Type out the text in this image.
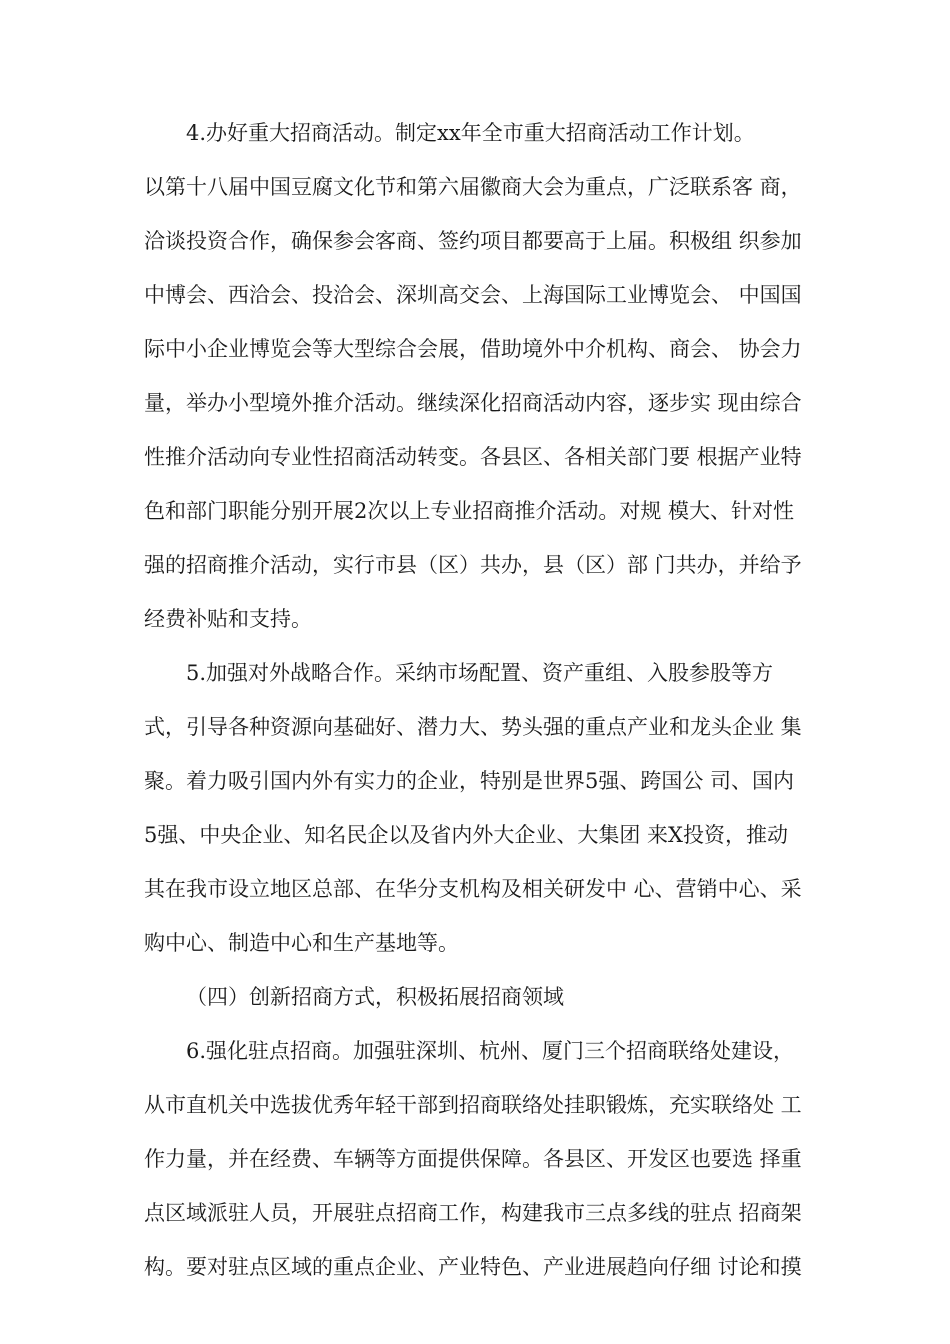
4.办好重大招商活动。制定xx年全市重大招商活动工作计划。
以第十八届中国豆腐文化节和第六届徽商大会为重点，广泛联系客 商，
洽谈投资合作，确保参会客商、签约项目都要高于上届。积极组 织参加
中博会、西洽会、投洽会、深圳高交会、上海国际工业博览会、 中国国
际中小企业博览会等大型综合会展，借助境外中介机构、商会、 协会力
量，举办小型境外推介活动。继续深化招商活动内容，逐步实 现由综合
性推介活动向专业性招商活动转变。各县区、各相关部门要 根据产业特
色和部门职能分别开展2次以上专业招商推介活动。对规 模大、针对性
强的招商推介活动，实行市县（区）共办，县（区）部 门共办，并给予
经费补贴和支持。
5.加强对外战略合作。采纳市场配置、资产重组、入股参股等方
式，引导各种资源向基础好、潜力大、势头强的重点产业和龙头企业 集
聚。着力吸引国内外有实力的企业，特别是世界5强、跨国公 司、国内
5强、中央企业、知名民企以及省内外大企业、大集团 来X投资，推动
其在我市设立地区总部、在华分支机构及相关研发中 心、营销中心、采
购中心、制造中心和生产基地等。
（四）创新招商方式，积极拓展招商领域
6.强化驻点招商。加强驻深圳、杭州、厦门三个招商联络处建设，
从市直机关中选拔优秀年轻干部到招商联络处挂职锻炼，充实联络处 工
作力量，并在经费、车辆等方面提供保障。各县区、开发区也要选 择重
点区域派驻人员，开展驻点招商工作，构建我市三点多线的驻点 招商架
构。要对驻点区域的重点企业、产业特色、产业进展趋向仔细 讨论和摸
